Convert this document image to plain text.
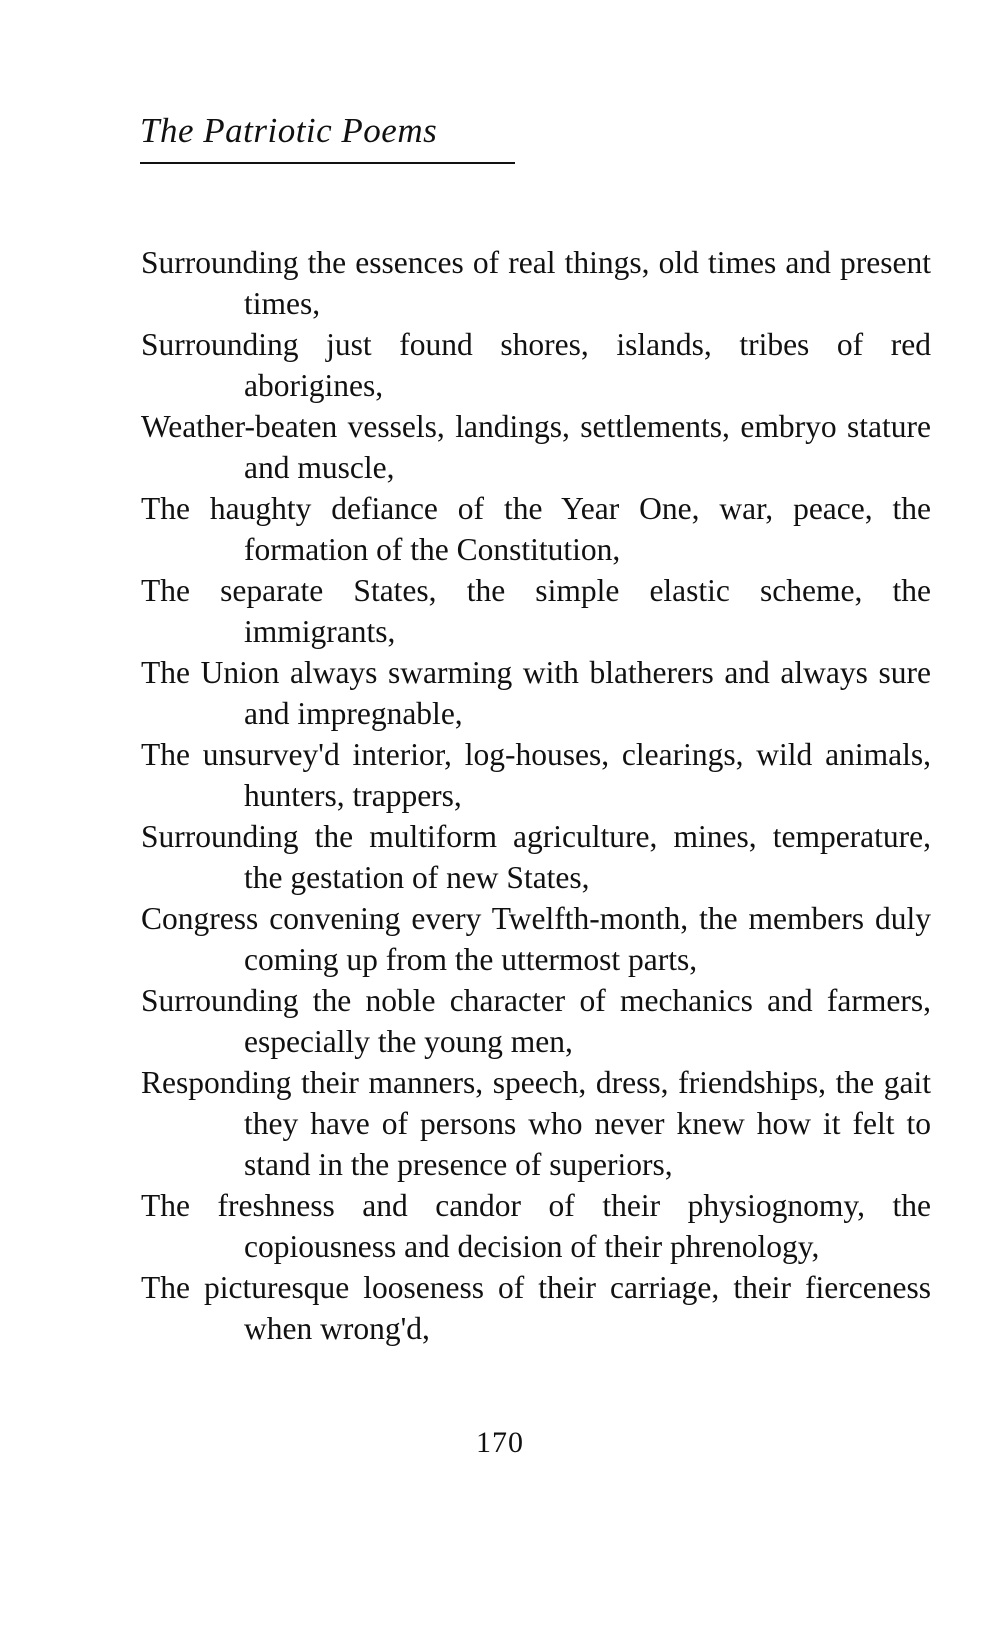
The Patriotic Poems
Surrounding the essences of real things, old times and present times,
Surrounding just found shores, islands, tribes of red aborigines,
Weather-beaten vessels, landings, settlements, embryo stature and muscle,
The haughty defiance of the Year One, war, peace, the formation of the Constitution,
The separate States, the simple elastic scheme, the immigrants,
The Union always swarming with blatherers and always sure and impregnable,
The unsurvey'd interior, log-houses, clearings, wild animals, hunters, trappers,
Surrounding the multiform agriculture, mines, temperature, the gestation of new States,
Congress convening every Twelfth-month, the members duly coming up from the uttermost parts,
Surrounding the noble character of mechanics and farmers, especially the young men,
Responding their manners, speech, dress, friendships, the gait they have of persons who never knew how it felt to stand in the presence of superiors,
The freshness and candor of their physiognomy, the copiousness and decision of their phrenology,
The picturesque looseness of their carriage, their fierceness when wrong'd,
170
